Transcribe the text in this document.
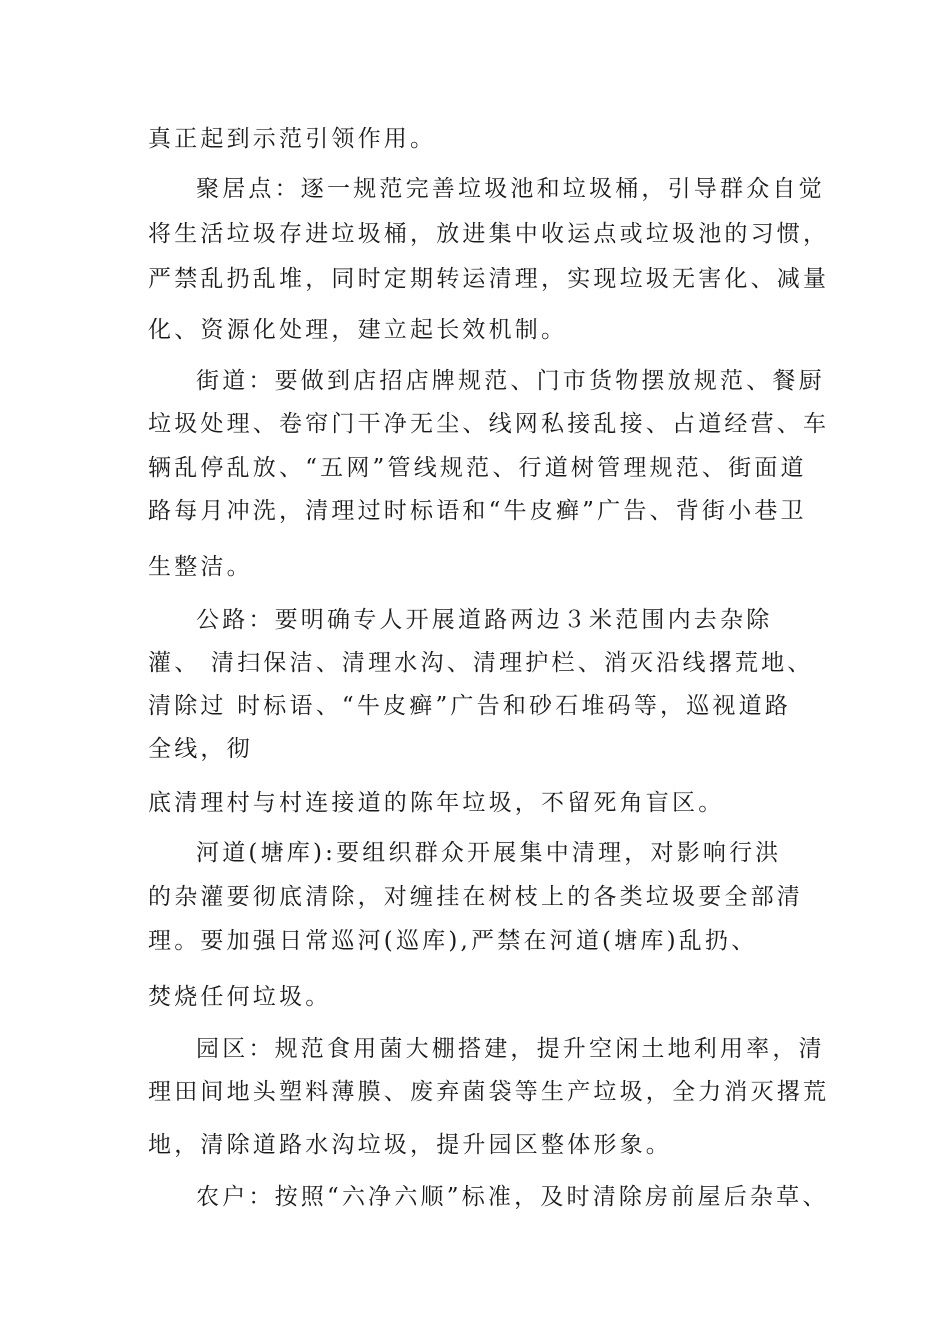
真正起到示范引领作用。
聚居点：逐一规范完善垃圾池和垃圾桶，引导群众自觉
将生活垃圾存进垃圾桶，放进集中收运点或垃圾池的习惯，
严禁乱扔乱堆，同时定期转运清理，实现垃圾无害化、减量
化、资源化处理，建立起长效机制。
街道：要做到店招店牌规范、门市货物摆放规范、餐厨
垃圾处理、卷帘门干净无尘、线网私接乱接、占道经营、车
辆乱停乱放、“五网”管线规范、行道树管理规范、街面道
路每月冲洗，清理过时标语和“牛皮癣”广告、背街小巷卫
生整洁。
公路：要明确专人开展道路两边３米范围内去杂除
灌、 清扫保洁、清理水沟、清理护栏、消灭沿线撂荒地、
清除过 时标语、“牛皮癣”广告和砂石堆码等，巡视道路
全线，彻
底清理村与村连接道的陈年垃圾，不留死角盲区。
河道(塘库):要组织群众开展集中清理，对影响行洪
的杂灌要彻底清除，对缠挂在树枝上的各类垃圾要全部清
理。要加强日常巡河(巡库),严禁在河道(塘库)乱扔、
焚烧任何垃圾。
园区：规范食用菌大棚搭建，提升空闲土地利用率，清
理田间地头塑料薄膜、废弃菌袋等生产垃圾，全力消灭撂荒
地，清除道路水沟垃圾，提升园区整体形象。
农户：按照“六净六顺”标准，及时清除房前屋后杂草、
